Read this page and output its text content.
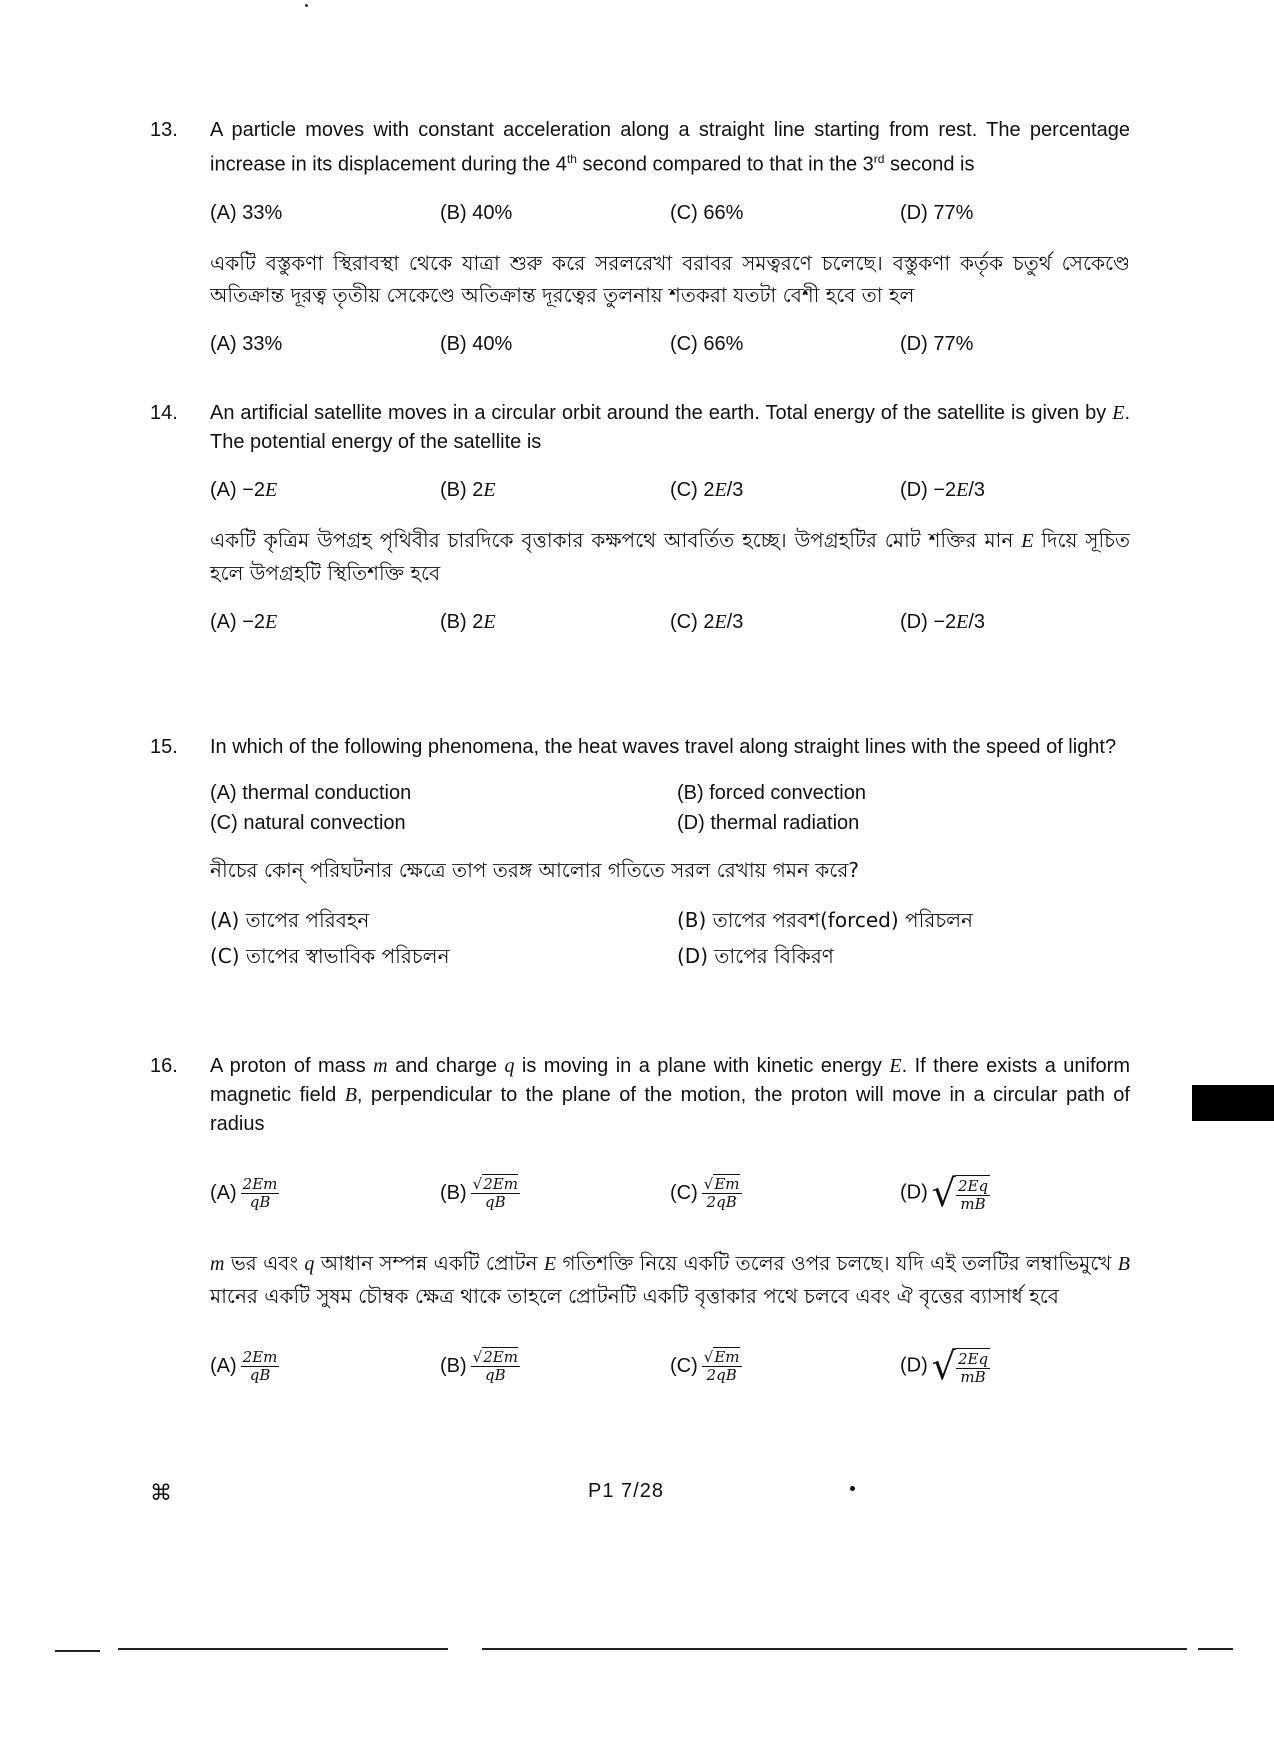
13. A particle moves with constant acceleration along a straight line starting from rest. The percentage increase in its displacement during the 4th second compared to that in the 3rd second is
(A) 33%	(B) 40%	(C) 66%	(D) 77%
একটি বস্তুকণা স্থিরাবস্থা থেকে যাত্রা শুরু করে সরলরেখা বরাবর সমত্বরণে চলেছে। বস্তুকণা কর্তৃক চতুর্থ সেকেণ্ডে অতিক্রান্ত দূরত্ব তৃতীয় সেকেণ্ডে অতিক্রান্ত দূরত্বের তুলনায় শতকরা যতটা বেশী হবে তা হল
(A) 33%	(B) 40%	(C) 66%	(D) 77%
14. An artificial satellite moves in a circular orbit around the earth. Total energy of the satellite is given by E. The potential energy of the satellite is
(A) −2E	(B) 2E	(C) 2E/3	(D) −2E/3
একটি কৃত্রিম উপগ্রহ পৃথিবীর চারদিকে বৃত্তাকার কক্ষপথে আবর্তিত হচ্ছে। উপগ্রহটির মোট শক্তির মান E দিয়ে সূচিত হলে উপগ্রহটি স্থিতিশক্তি হবে
(A) −2E	(B) 2E	(C) 2E/3	(D) −2E/3
15. In which of the following phenomena, the heat waves travel along straight lines with the speed of light?
(A) thermal conduction	(B) forced convection
(C) natural convection	(D) thermal radiation
নীচের কোন্‌ পরিঘটনার ক্ষেত্রে তাপ তরঙ্গ আলোর গতিতে সরল রেখায় গমন করে?
(A) তাপের পরিবহন	(B) তাপের পরবশ(forced) পরিচলন
(C) তাপের স্বাভাবিক পরিচলন	(D) তাপের বিকিরণ
16. A proton of mass m and charge q is moving in a plane with kinetic energy E. If there exists a uniform magnetic field B, perpendicular to the plane of the motion, the proton will move in a circular path of radius
$(A) \frac{2Em}{qB}$	$(B) \frac{√2Em}{qB}$	$(C) \frac{√Em}{2qB}$	(D) √ $\frac{2Eq}{mB}$
m ভর এবং q আধান সম্পন্ন একটি প্রোটন E গতিশক্তি নিয়ে একটি তলের ওপর চলছে। যদি এই তলটির লম্বাভিমুখে B মানের একটি সুষম চৌম্বক ক্ষেত্র থাকে তাহলে প্রোটনটি একটি বৃত্তাকার পথে চলবে এবং ঐ বৃত্তের ব্যাসার্ধ হবে
$(A) \frac{2Em}{qB}$	$(B) \frac{√2Em}{qB}$	$(C) \frac{√Em}{2qB}$	(D) √ $\frac{2Eq}{mB}$
⌘	P1 7/28
